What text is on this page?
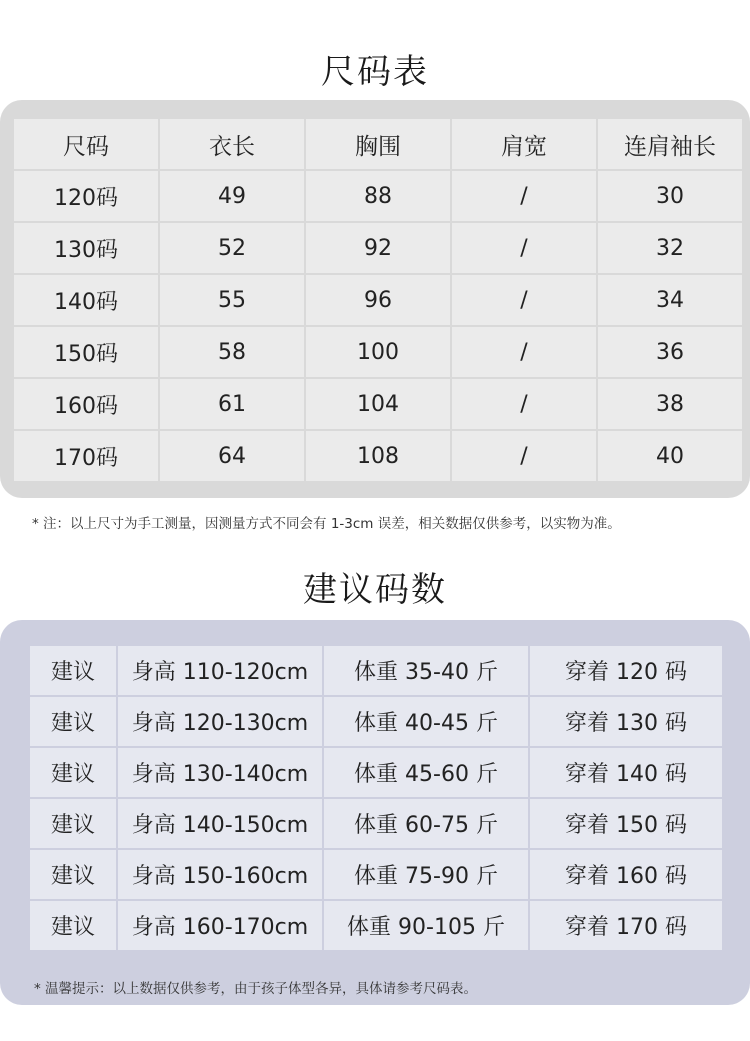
尺码表
尺码	衣长	胸围	肩宽	连肩袖长
120码	49	88	/	30
130码	52	92	/	32
140码	55	96	/	34
150码	58	100	/	36
160码	61	104	/	38
170码	64	108	/	40
* 注：以上尺寸为手工测量，因测量方式不同会有 1-3cm 误差，相关数据仅供参考，以实物为准。
建议码数
建议	身高 110-120cm	体重 35-40 斤	穿着 120 码
建议	身高 120-130cm	体重 40-45 斤	穿着 130 码
建议	身高 130-140cm	体重 45-60 斤	穿着 140 码
建议	身高 140-150cm	体重 60-75 斤	穿着 150 码
建议	身高 150-160cm	体重 75-90 斤	穿着 160 码
建议	身高 160-170cm	体重 90-105 斤	穿着 170 码
* 温馨提示：以上数据仅供参考，由于孩子体型各异，具体请参考尺码表。
